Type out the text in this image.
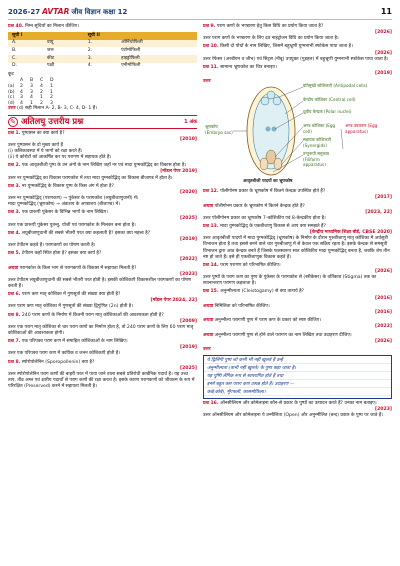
2026-27 AVTAR जीव विज्ञान कक्षा 12	11
प्रश्न 40. निम्न सूचियों का मिलान कीजिए।
सूची I		सूची II	
A.	वायु	1.	ऑर्निथोफिली
B.	जल	2.	एंटोमोफिली
C.	कीट	3.	हाइड्रोफिली
D.	पक्षी	4.	एनीमोफिली
कूट
A	B	C	D
(a)	2	3	4	1
(b)	4	3	2	1
(c)	3	4	1	2
(d)	4	1	2	3
उत्तर (d) सही मिलान A- 2, B- 3, C- 4, D- 1 हैं।
✎ अतिलघु उत्तरीय प्रश्न	1 अंक
प्रश्न 1. पुष्पासन का क्या कार्य है?
[2010]
उत्तर पुष्पासन के दो मुख्य कार्य हैं
(i) कलिकावस्था में ये भागों को रक्षा करते हैं।
(ii) ये कोरोटों को आकर्षित कर पर परागण में सहायक होते हैं।
प्रश्न 2. एक आवृतबीजी पुष्प के उन अंगों के नाम लिखिए जहाँ नर एवं मादा युग्मकोद्भिद् का विकास होता है।
[मॉडल पेपर 2019]
उत्तर नर युग्मकोद्भिद् का विकास परागकोश में तथा मादा युग्मकोद्भिद् का विकास बीजाण्ड में होता है।
प्रश्न 3. नर युग्मकोद्भिद् के विकास पुष्प के किस अंग में होता है?
[2020]
उत्तर नर युग्मकोद्भिद् (परागकण) → पुंकेसर के परागकोश (लघुबीजाणुधानी) में।
मादा युग्मकोद्भिद् (भ्रूणकोष) → अंडाशय के अण्डाशय (बीजाण्ड) में।
प्रश्न 3. एक प्रारूपी पुंकेसर के विभिन्न भागों के नाम लिखिए।
[2025]
उत्तर एक प्रारूपी पुंकेसर पुतन्तु, योजी एवं परागकोश के मिलकर बना होता है।
प्रश्न 4. लघुबीजाणुधानी की सबसे भीतरी परत क्या कहलाती है? इसका क्या महत्त्व है?
[2019]
उत्तर टेपीटम कहते हैं। परागकणों का पोषण करती है।
प्रश्न 5. टेपीटम कहाँ स्थित होता है? इसका क्या कार्य है?
[2022]
अथवा परागकोश के किस भाग से परागकणों के विकास में सहायता मिलती है?
[2023]
उत्तर टेपीटम लघुबीजाणुधानी की सबसे भीतरी परत होती है। इसकी कोशिकाएँ विकासशील परागकणों का पोषण करती हैं।
प्रश्न 6. पराग कण मातृ कोशिका में गुणसूत्रों की संख्या क्या होती है?
[मॉडल पेपर 2024, 22]
उत्तर पराग कण मातृ कोशिका में गुणसूत्रों की संख्या द्विगुणित (2n) होती है।
प्रश्न 8. 240 पराग कणों के निर्माण में कितनी पराग मातृ कोशिकाओं की आवश्यकता होती है?
[2009]
उत्तर एक पराग मातृ कोशिका से चार पराग कणों का निर्माण होता है, तो 240 पराग कणों के लिए 60 पराग मातृ कोशिकाओं की आवश्यकता होगी।
प्रश्न 7. एक परिपक्व पराग कण में समाहित कोशिकाओं के नाम लिखिए।
[2019]
उत्तर एक परिपक्व पराग कण में कायिक व जनन कोशिकाएँ होती हैं।
प्रश्न 8. स्पोरोपोलेनिन (Sporopollenin) क्या है?
[2025]
उत्तर स्पोरोपोलेनिन पराग कणों की बाहरी परत में पाया जाने वाला सबसे प्रतिरोधी कार्बनिक पदार्थ है। यह उच्च ताप, तीव्र अम्ल एवं क्षारीय पदार्थों से पराग कणों की रक्षा करता है। इसके कारण परागकणों को जीवाश्म के रूप में परिरक्षित (Preserved) करने में सहायता मिलती है।
प्रश्न 9. पराग कणों के भण्डारण हेतु किस विधि का प्रयोग किया जाता है?
[2026]
उत्तर पराग कणों के भण्डारण के लिए द्रव नाइट्रोजन विधि का प्रयोग किया जाता है।
प्रश्न 10. किसी दो पौधों के नाम लिखिए, जिसमें बहुभ्रूणी युग्मनाभी स्फोकेस पाया जाता है।
[2026]
उत्तर रेफेसर (अरबीयन व जीभ) एवं सिट्रस (नीबू) उपयुक्त (गुड़हल) में बहुभ्रूणी युग्मनाभी स्फोकेस पाया जाता है।
प्रश्न 11. सामान्य भ्रूणकोश का चित्र बनाइए।
[2019]
उत्तर
प्रतिमुखी कोशिकाएँ (Antipodal cells)
केन्द्रीय कोशिका (Central cell)
ध्रुवीय केन्द्रक (Polar nuclei)
अण्ड कोशिका (Egg cell)
सहायक कोशिकाएँ (Synergids)
तन्तुरूपी समुच्चय (Filiform apparatus)
भ्रूणकोष (Embryo sac)
अण्ड उपकरण (Egg apparatus)
आवृतबीजी पादपों का भ्रूणकोष
प्रश्न 12. पॉलीगोनम प्रकार के भ्रूणकोष में कितने केन्द्रक उपस्थित होते हैं?
[2017]
अथवा पॉलीगोनम प्रकार के भ्रूणकोष में कितने केन्द्रक होते हैं?
[2023, 22]
उत्तर पॉलीगोनम प्रकार का भ्रूणकोष 7-कोशिकीय एवं 8-केन्द्रकीय होता है।
प्रश्न 13. मादा युग्मकोद्भिद् के एकबीजाणु विकास से आप क्या समझते हैं?
[केन्द्रीय माध्यमिक शिक्षा बोर्ड, CBSE 2020]
उत्तर आवृतबीजी पादपों में मादा युग्मकोद्भिद् (भ्रूणकोष) के निर्माण के दौरान गुरुबीजाणु मातृ कोशिका में अर्धसूत्री विभाजन होता है तथा इससे बनने वाले चार गुरुबीजाणु में से केवल एक सक्रिय रहता है। इसके केन्द्रक से समसूत्री विभाजन द्वारा आठ केन्द्रक बनते हैं जिसके फलस्वरूप सात कोशिकीय मादा युग्मकोद्भिद् बनता है, जबकि शेष तीन नष्ट हो जाते हैं। इसे ही एकबीजाणुक विकास कहते हैं।
प्रश्न 14. पराग परागण को परिभाषित कीजिए।
[2026]
उत्तर पुष्पों के पराग कण का पुष्प के पुंकेसर के परागकोश से (स्त्रीकेसर) के वर्तिकाग्र (Stigma) तक का स्थानान्तरण परागण कहलाता है।
प्रश्न 15. अनुन्मील्यता (Cleistogamy) से क्या तात्पर्य है?
[2016]
अथवा निमिलिता को परिभाषित कीजिए।
[2016]
अथवा अनुन्मील्य परागणी पुष्प में पराग कण के प्रकार को स्पष्ट कीजिए।
[2022]
अथवा अनुन्मील्य परागणी पुष्प से होने वाले परागण का नाम लिखिए तथा उदाहरण दीजिए।
[2026]
उत्तर
ये द्विलिंगी पुष्प जो कभी भी नहीं खुलते हैं उन्हें
अनुन्मील्यता (कभी नहीं खुलते) के पुष्प कहा जाता है।
यह पुष्पि लैंगिक रूप से स्वपरागित होते हैं तथा
इनमें बहुत कम पराग कण उत्पन्न होते हैं। उदाहरण —
कंवे(कोबे), मूँगफली, कासमोफ़िला।
प्रश्न 16. ऑनसीलियम और कोमेलाइना कौन-से प्रकार के पुष्पों का उत्पादन करते हैं? उनका नाम बताइए।
[2023]
उत्तर ऑनसीलियम और कोमेलाइना ये उन्मीलिता (Open) और अनुन्मीलित (बन्द) प्रकार के पुष्प पर जाते हैं।
